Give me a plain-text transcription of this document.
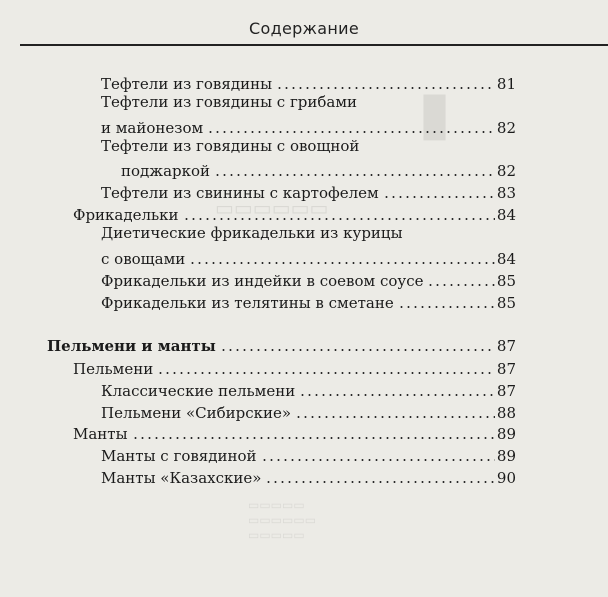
Содержание
▮
▭▭▭▭▭
▭▭▭▭▭▭
▭▭▭▭▭
Тефтели из говядины	81
Тефтели из говядины с грибами
и майонезом	82
Тефтели из говядины с овощной
поджаркой	82
Тефтели из свинины с картофелем	83
Фрикадельки	84
Диетические фрикадельки из курицы
с овощами	84
Фрикадельки из индейки в соевом соусе	85
Фрикадельки из телятины в сметане	85
Пельмени и манты	87
Пельмени	87
Классические пельмени	87
Пельмени «Сибирские»	88
Манты	89
Манты с говядиной	89
Манты «Казахские»	90
